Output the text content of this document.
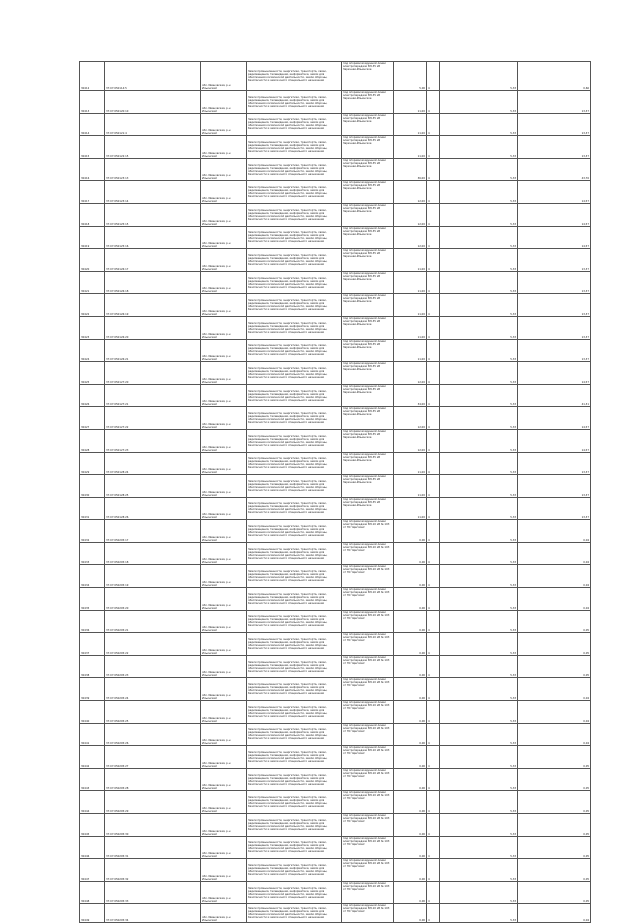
30412	37:07:050114:5	обл. Ивановская, р-н Ильинский	Земли промышленности, энергетики, транспорта, связи, радиовещания, телевидения, информатики, земли для обеспечения космической деятельности, земли обороны, безопасности и земли иного специального назначения	под опорами воздушной линии электропередачи ВЛ-35 кВ Заречная-Ильинское	5,00	4	5,33	0,66
30413	37:07:050120:10	обл. Ивановская, р-н Ильинский	Земли промышленности, энергетики, транспорта, связи, радиовещания, телевидения, информатики, земли для обеспечения космической деятельности, земли обороны, безопасности и земли иного специального назначения	под опорами воздушной линии электропередачи ВЛ-35 кВ Заречная-Ильинское	11,00	4	5,33	13,37
30414	37:07:050121:4	обл. Ивановская, р-н Ильинский	Земли промышленности, энергетики, транспорта, связи, радиовещания, телевидения, информатики, земли для обеспечения космической деятельности, земли обороны, безопасности и земли иного специального назначения	под опорами воздушной линии электропередачи ВЛ-35 кВ Заречная-Ильинское	11,00	4	5,33	13,37
30415	37:07:050122:15	обл. Ивановская, р-н Ильинский	Земли промышленности, энергетики, транспорта, связи, радиовещания, телевидения, информатики, земли для обеспечения космической деятельности, земли обороны, безопасности и земли иного специального назначения	под опорами воздушной линии электропередачи ВЛ-35 кВ Заречная-Ильинское	11,00	4	5,33	13,37
30416	37:07:050123:13	обл. Ивановская, р-н Ильинский	Земли промышленности, энергетики, транспорта, связи, радиовещания, телевидения, информатики, земли для обеспечения космической деятельности, земли обороны, безопасности и земли иного специального назначения	под опорами воздушной линии электропередачи ВЛ-35 кВ Заречная-Ильинское	36,00	4	5,33	43,76
30417	37:07:050123:14	обл. Ивановская, р-н Ильинский	Земли промышленности, энергетики, транспорта, связи, радиовещания, телевидения, информатики, земли для обеспечения космической деятельности, земли обороны, безопасности и земли иного специального назначения	под опорами воздушной линии электропередачи ВЛ-35 кВ Заречная-Ильинское	12,00	4	5,33	14,57
30418	37:07:050125:15	обл. Ивановская, р-н Ильинский	Земли промышленности, энергетики, транспорта, связи, радиовещания, телевидения, информатики, земли для обеспечения космической деятельности, земли обороны, безопасности и земли иного специального назначения	под опорами воздушной линии электропередачи ВЛ-35 кВ Заречная-Ильинское	12,00	4	5,33	14,57
30419	37:07:050125:16	обл. Ивановская, р-н Ильинский	Земли промышленности, энергетики, транспорта, связи, радиовещания, телевидения, информатики, земли для обеспечения космической деятельности, земли обороны, безопасности и земли иного специального назначения	под опорами воздушной линии электропередачи ВЛ-35 кВ Заречная-Ильинское	12,00	4	5,33	14,57
30420	37:07:050126:17	обл. Ивановская, р-н Ильинский	Земли промышленности, энергетики, транспорта, связи, радиовещания, телевидения, информатики, земли для обеспечения космической деятельности, земли обороны, безопасности и земли иного специального назначения	под опорами воздушной линии электропередачи ВЛ-35 кВ Заречная-Ильинское	11,00	4	5,33	13,37
30421	37:07:050126:18	обл. Ивановская, р-н Ильинский	Земли промышленности, энергетики, транспорта, связи, радиовещания, телевидения, информатики, земли для обеспечения космической деятельности, земли обороны, безопасности и земли иного специального назначения	под опорами воздушной линии электропередачи ВЛ-35 кВ Заречная-Ильинское	11,00	4	5,33	13,37
30422	37:07:050126:19	обл. Ивановская, р-н Ильинский	Земли промышленности, энергетики, транспорта, связи, радиовещания, телевидения, информатики, земли для обеспечения космической деятельности, земли обороны, безопасности и земли иного специального назначения	под опорами воздушной линии электропередачи ВЛ-35 кВ Заречная-Ильинское	11,00	4	5,33	13,37
30423	37:07:050126:20	обл. Ивановская, р-н Ильинский	Земли промышленности, энергетики, транспорта, связи, радиовещания, телевидения, информатики, земли для обеспечения космической деятельности, земли обороны, безопасности и земли иного специального назначения	под опорами воздушной линии электропередачи ВЛ-35 кВ Заречная-Ильинское	11,00	4	5,33	13,37
30424	37:07:050126:21	обл. Ивановская, р-н Ильинский	Земли промышленности, энергетики, транспорта, связи, радиовещания, телевидения, информатики, земли для обеспечения космической деятельности, земли обороны, безопасности и земли иного специального назначения	под опорами воздушной линии электропередачи ВЛ-35 кВ Заречная-Ильинское	11,00	4	5,33	13,37
30425	37:07:050127:20	обл. Ивановская, р-н Ильинский	Земли промышленности, энергетики, транспорта, связи, радиовещания, телевидения, информатики, земли для обеспечения космической деятельности, земли обороны, безопасности и земли иного специального назначения	под опорами воздушной линии электропередачи ВЛ-35 кВ Заречная-Ильинское	12,00	4	5,33	14,57
30426	37:07:050127:21	обл. Ивановская, р-н Ильинский	Земли промышленности, энергетики, транспорта, связи, радиовещания, телевидения, информатики, земли для обеспечения космической деятельности, земли обороны, безопасности и земли иного специального назначения	под опорами воздушной линии электропередачи ВЛ-35 кВ Заречная-Ильинское	34,00	4	5,33	41,31
30427	37:07:050127:22	обл. Ивановская, р-н Ильинский	Земли промышленности, энергетики, транспорта, связи, радиовещания, телевидения, информатики, земли для обеспечения космической деятельности, земли обороны, безопасности и земли иного специального назначения	под опорами воздушной линии электропередачи ВЛ-35 кВ Заречная-Ильинское	12,00	4	5,33	14,57
30428	37:07:050127:23	обл. Ивановская, р-н Ильинский	Земли промышленности, энергетики, транспорта, связи, радиовещания, телевидения, информатики, земли для обеспечения космической деятельности, земли обороны, безопасности и земли иного специального назначения	под опорами воздушной линии электропередачи ВЛ-35 кВ Заречная-Ильинское	12,00	4	5,33	14,57
30429	37:07:050128:24	обл. Ивановская, р-н Ильинский	Земли промышленности, энергетики, транспорта, связи, радиовещания, телевидения, информатики, земли для обеспечения космической деятельности, земли обороны, безопасности и земли иного специального назначения	под опорами воздушной линии электропередачи ВЛ-35 кВ Заречная-Ильинское	11,00	4	5,33	13,37
30430	37:07:050128:25	обл. Ивановская, р-н Ильинский	Земли промышленности, энергетики, транспорта, связи, радиовещания, телевидения, информатики, земли для обеспечения космической деятельности, земли обороны, безопасности и земли иного специального назначения	под опорами воздушной линии электропередачи ВЛ-35 кВ Заречная-Ильинское	11,00	4	5,33	13,37
30431	37:07:050128:26	обл. Ивановская, р-н Ильинский	Земли промышленности, энергетики, транспорта, связи, радиовещания, телевидения, информатики, земли для обеспечения космической деятельности, земли обороны, безопасности и земли иного специального назначения	под опорами воздушной линии электропередачи ВЛ-35 кВ Заречная-Ильинское	11,00	4	5,33	13,37
30432	37:07:050205:17	обл. Ивановская, р-н Ильинский	Земли промышленности, энергетики, транспорта, связи, радиовещания, телевидения, информатики, земли для обеспечения космической деятельности, земли обороны, безопасности и земли иного специального назначения	под опорами воздушной линии электропередачи ВЛ-10 кВ № 103 от ПС 'Щеглово'	0,00	4	5,33	0,04
30433	37:07:050205:18	обл. Ивановская, р-н Ильинский	Земли промышленности, энергетики, транспорта, связи, радиовещания, телевидения, информатики, земли для обеспечения космической деятельности, земли обороны, безопасности и земли иного специального назначения	под опорами воздушной линии электропередачи ВЛ-10 кВ № 103 от ПС 'Щеглово'	0,00	4	5,33	0,04
30434	37:07:050205:19	обл. Ивановская, р-н Ильинский	Земли промышленности, энергетики, транспорта, связи, радиовещания, телевидения, информатики, земли для обеспечения космической деятельности, земли обороны, безопасности и земли иного специального назначения	под опорами воздушной линии электропередачи ВЛ-10 кВ № 103 от ПС 'Щеглово'	0,00	4	5,33	0,04
30435	37:07:050205:20	обл. Ивановская, р-н Ильинский	Земли промышленности, энергетики, транспорта, связи, радиовещания, телевидения, информатики, земли для обеспечения космической деятельности, земли обороны, безопасности и земли иного специального назначения	под опорами воздушной линии электропередачи ВЛ-10 кВ № 103 от ПС 'Щеглово'	0,00	4	5,33	0,04
30436	37:07:050205:21	обл. Ивановская, р-н Ильинский	Земли промышленности, энергетики, транспорта, связи, радиовещания, телевидения, информатики, земли для обеспечения космической деятельности, земли обороны, безопасности и земли иного специального назначения	под опорами воздушной линии электропередачи ВЛ-10 кВ № 103 от ПС 'Щеглово'	0,00	4	5,33	0,05
30437	37:07:050205:22	обл. Ивановская, р-н Ильинский	Земли промышленности, энергетики, транспорта, связи, радиовещания, телевидения, информатики, земли для обеспечения космической деятельности, земли обороны, безопасности и земли иного специального назначения	под опорами воздушной линии электропередачи ВЛ-10 кВ № 103 от ПС 'Щеглово'	0,00	4	5,33	0,05
30438	37:07:050205:23	обл. Ивановская, р-н Ильинский	Земли промышленности, энергетики, транспорта, связи, радиовещания, телевидения, информатики, земли для обеспечения космической деятельности, земли обороны, безопасности и земли иного специального назначения	под опорами воздушной линии электропередачи ВЛ-10 кВ № 103 от ПС 'Щеглово'	0,00	4	5,33	0,05
30439	37:07:050205:24	обл. Ивановская, р-н Ильинский	Земли промышленности, энергетики, транспорта, связи, радиовещания, телевидения, информатики, земли для обеспечения космической деятельности, земли обороны, безопасности и земли иного специального назначения	под опорами воздушной линии электропередачи ВЛ-10 кВ № 103 от ПС 'Щеглово'	0,00	4	5,33	0,04
30440	37:07:050205:25	обл. Ивановская, р-н Ильинский	Земли промышленности, энергетики, транспорта, связи, радиовещания, телевидения, информатики, земли для обеспечения космической деятельности, земли обороны, безопасности и земли иного специального назначения	под опорами воздушной линии электропередачи ВЛ-10 кВ № 103 от ПС 'Щеглово'	0,00	4	5,33	0,04
30441	37:07:050205:26	обл. Ивановская, р-н Ильинский	Земли промышленности, энергетики, транспорта, связи, радиовещания, телевидения, информатики, земли для обеспечения космической деятельности, земли обороны, безопасности и земли иного специального назначения	под опорами воздушной линии электропередачи ВЛ-10 кВ № 103 от ПС 'Щеглово'	0,00	4	5,33	0,04
30442	37:07:050205:27	обл. Ивановская, р-н Ильинский	Земли промышленности, энергетики, транспорта, связи, радиовещания, телевидения, информатики, земли для обеспечения космической деятельности, земли обороны, безопасности и земли иного специального назначения	под опорами воздушной линии электропередачи ВЛ-10 кВ № 103 от ПС 'Щеглово'	0,00	4	5,33	0,05
30443	37:07:050205:28	обл. Ивановская, р-н Ильинский	Земли промышленности, энергетики, транспорта, связи, радиовещания, телевидения, информатики, земли для обеспечения космической деятельности, земли обороны, безопасности и земли иного специального назначения	под опорами воздушной линии электропередачи ВЛ-10 кВ № 103 от ПС 'Щеглово'	0,00	4	5,33	0,05
30444	37:07:050205:29	обл. Ивановская, р-н Ильинский	Земли промышленности, энергетики, транспорта, связи, радиовещания, телевидения, информатики, земли для обеспечения космической деятельности, земли обороны, безопасности и земли иного специального назначения	под опорами воздушной линии электропередачи ВЛ-10 кВ № 103 от ПС 'Щеглово'	0,00	4	5,33	0,05
30445	37:07:050205:30	обл. Ивановская, р-н Ильинский	Земли промышленности, энергетики, транспорта, связи, радиовещания, телевидения, информатики, земли для обеспечения космической деятельности, земли обороны, безопасности и земли иного специального назначения	под опорами воздушной линии электропередачи ВЛ-10 кВ № 103 от ПС 'Щеглово'	0,00	4	5,33	0,05
30446	37:07:050205:31	обл. Ивановская, р-н Ильинский	Земли промышленности, энергетики, транспорта, связи, радиовещания, телевидения, информатики, земли для обеспечения космической деятельности, земли обороны, безопасности и земли иного специального назначения	под опорами воздушной линии электропередачи ВЛ-10 кВ № 103 от ПС 'Щеглово'	0,00	4	5,33	0,05
30447	37:07:050205:32	обл. Ивановская, р-н Ильинский	Земли промышленности, энергетики, транспорта, связи, радиовещания, телевидения, информатики, земли для обеспечения космической деятельности, земли обороны, безопасности и земли иного специального назначения	под опорами воздушной линии электропередачи ВЛ-10 кВ № 103 от ПС 'Щеглово'	0,00	4	5,33	0,05
30448	37:07:050205:33	обл. Ивановская, р-н Ильинский	Земли промышленности, энергетики, транспорта, связи, радиовещания, телевидения, информатики, земли для обеспечения космической деятельности, земли обороны, безопасности и земли иного специального назначения	под опорами воздушной линии электропередачи ВЛ-10 кВ № 103 от ПС 'Щеглово'	0,00	4	5,33	0,05
30449	37:07:050205:34	обл. Ивановская, р-н Ильинский	Земли промышленности, энергетики, транспорта, связи, радиовещания, телевидения, информатики, земли для обеспечения космической деятельности, земли обороны, безопасности и земли иного специального назначения	под опорами воздушной линии электропередачи ВЛ-10 кВ № 103 от ПС 'Щеглово'	0,00	4	5,33	0,04
